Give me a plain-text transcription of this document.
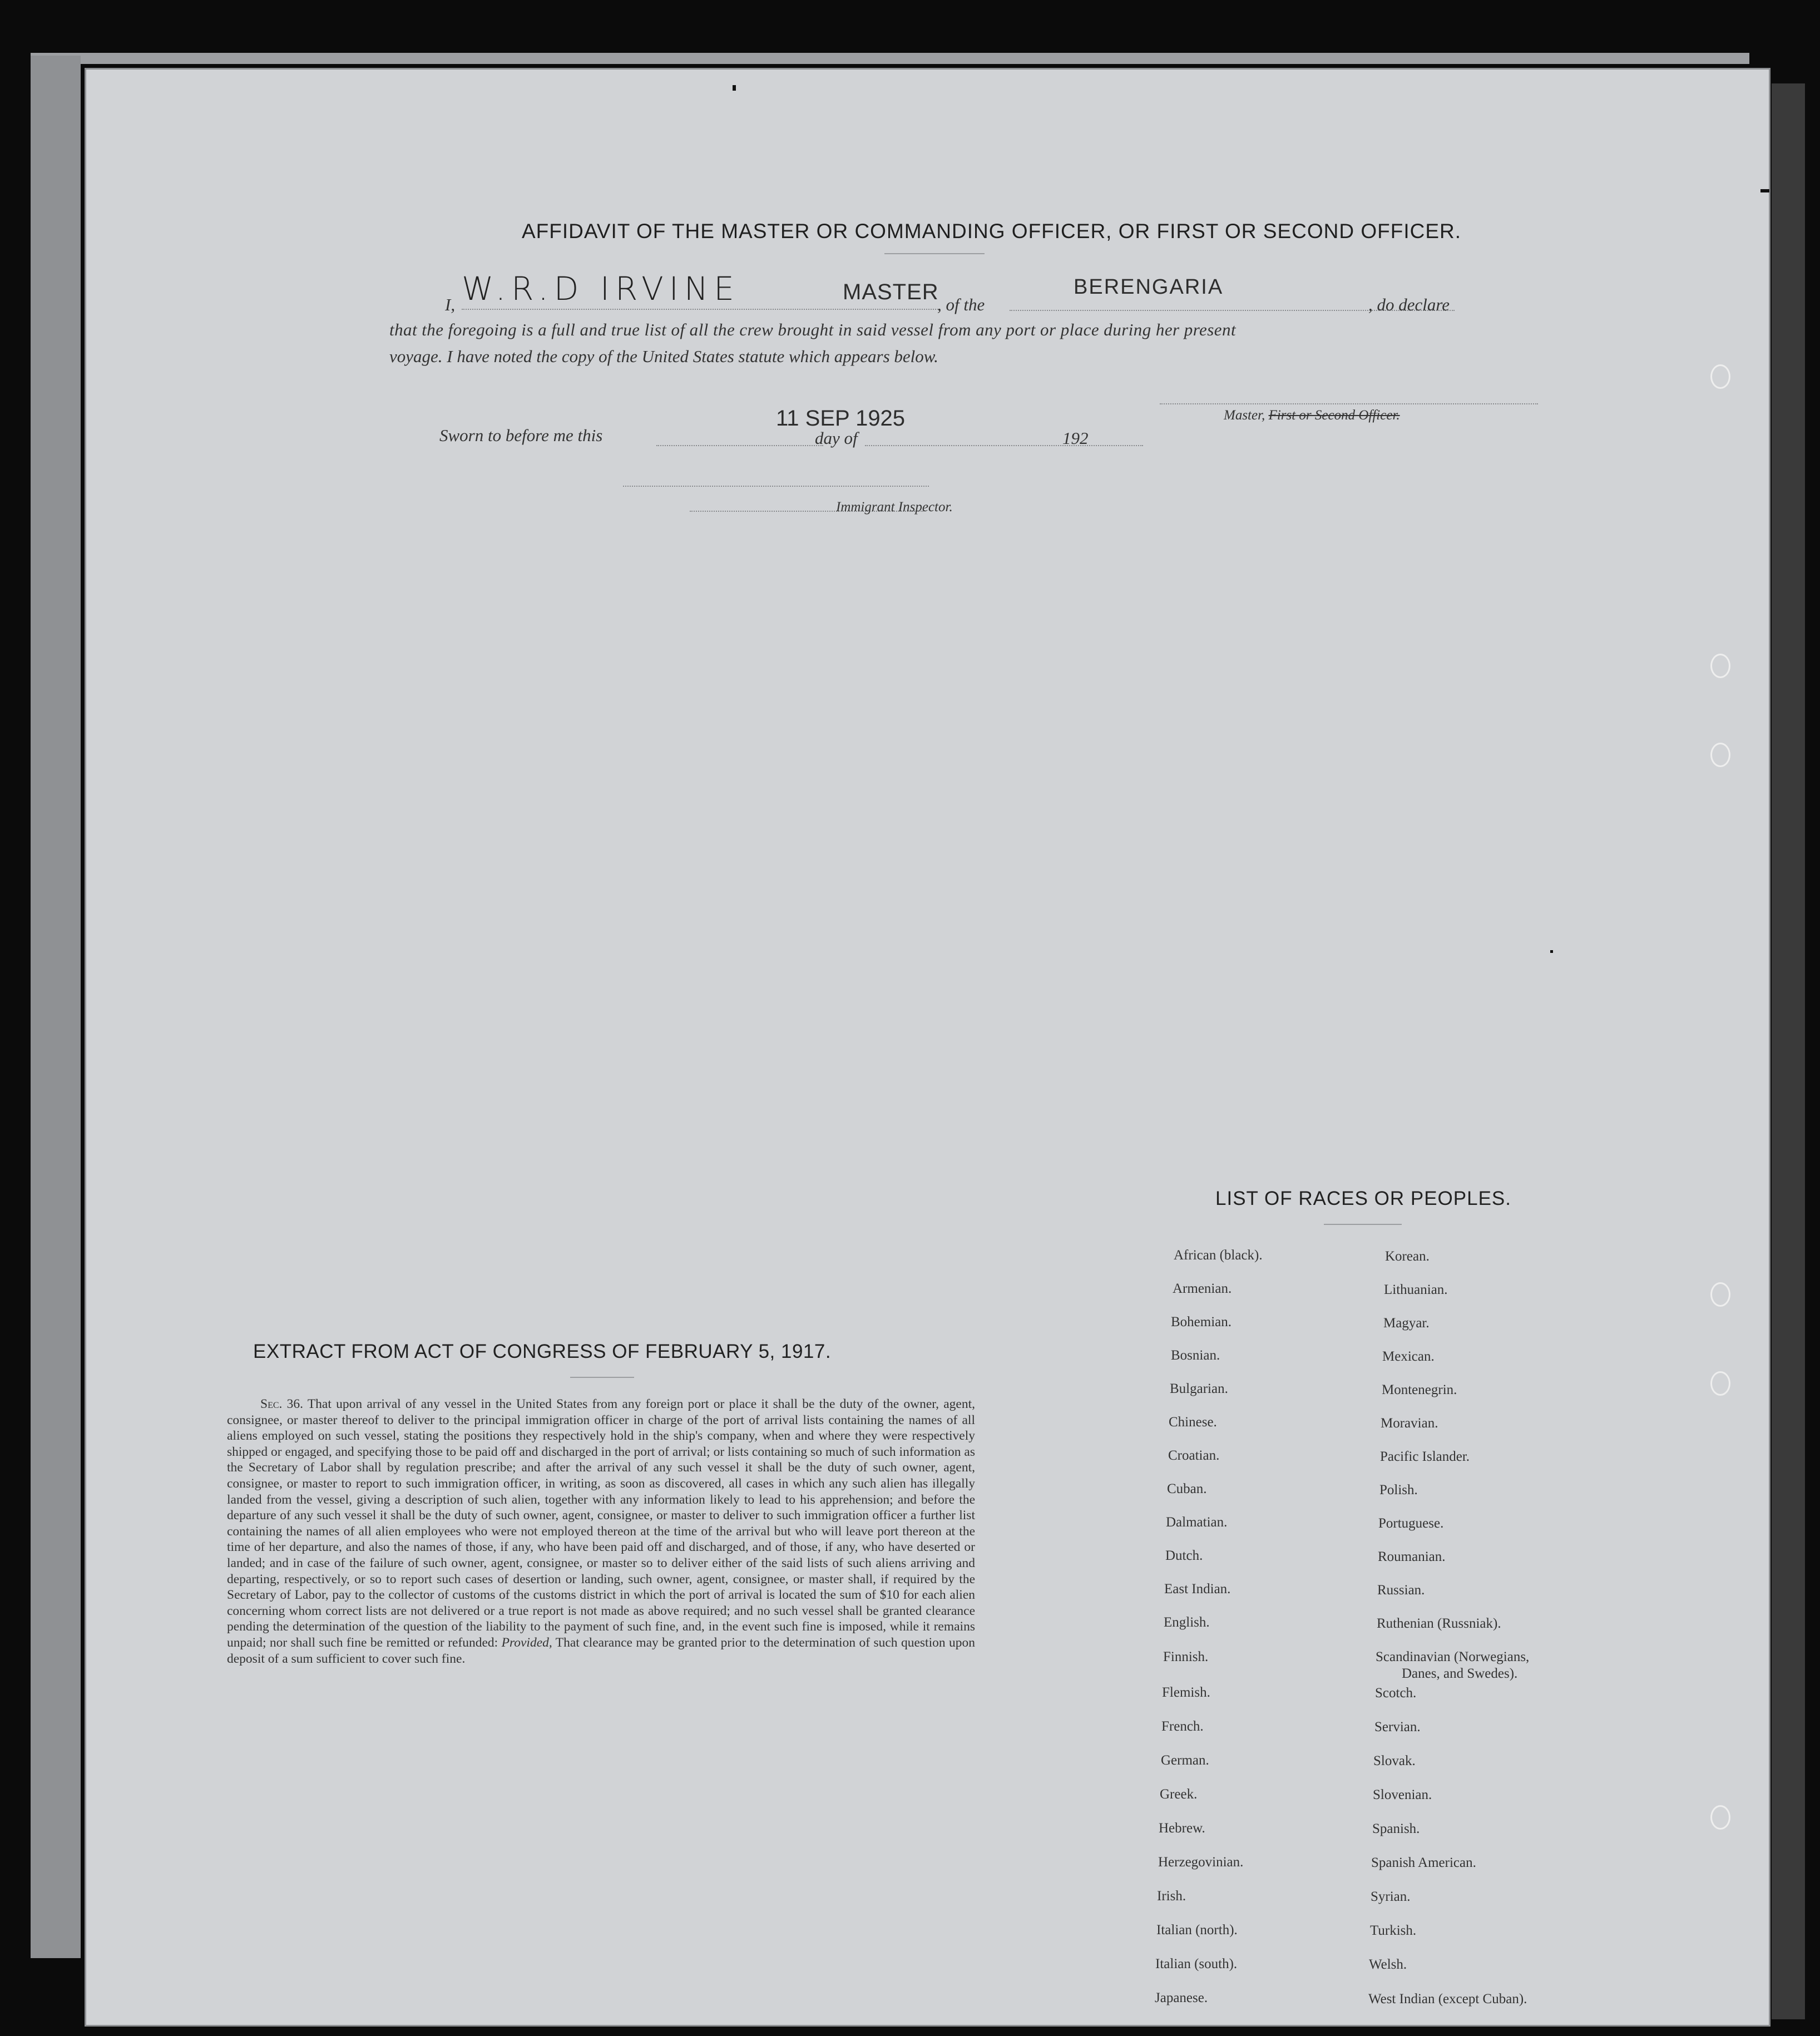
AFFIDAVIT OF THE MASTER OR COMMANDING OFFICER, OR FIRST OR SECOND OFFICER.
I, W.R.D IRVINE	MASTER
, of the
BERENGARIA
, do declare
that the foregoing is a full and true list of all the crew brought in said vessel from any port or place during her present
voyage. I have noted the copy of the United States statute which appears below.
Sworn to before me this
11 SEP 1925
day of	192
Master, First or Second Officer.
Immigrant Inspector.
LIST OF RACES OR PEOPLES.
African (black).
Armenian.
Bohemian.
Bosnian.
Bulgarian.
Chinese.
Croatian.
Cuban.
Dalmatian.
Dutch.
East Indian.
English.
Finnish.
Flemish.
French.
German.
Greek.
Hebrew.
Herzegovinian.
Irish.
Italian (north).
Italian (south).
Japanese.
Korean.
Lithuanian.
Magyar.
Mexican.
Montenegrin.
Moravian.
Pacific Islander.
Polish.
Portuguese.
Roumanian.
Russian.
Ruthenian (Russniak).
Scandinavian (Norwegians,
Danes, and Swedes).
Scotch.
Servian.
Slovak.
Slovenian.
Spanish.
Spanish American.
Syrian.
Turkish.
Welsh.
West Indian (except Cuban).
EXTRACT FROM ACT OF CONGRESS OF FEBRUARY 5, 1917.
Sec. 36. That upon arrival of any vessel in the United States from any foreign port or place it shall be the duty of the owner, agent, consignee, or master thereof to deliver to the principal immigration officer in charge of the port of arrival lists containing the names of all aliens employed on such vessel, stating the positions they respectively hold in the ship's company, when and where they were respectively shipped or engaged, and specifying those to be paid off and discharged in the port of arrival; or lists containing so much of such information as the Secretary of Labor shall by regulation prescribe; and after the arrival of any such vessel it shall be the duty of such owner, agent, consignee, or master to report to such immigration officer, in writing, as soon as discovered, all cases in which any such alien has illegally landed from the vessel, giving a description of such alien, together with any information likely to lead to his apprehension; and before the departure of any such vessel it shall be the duty of such owner, agent, consignee, or master to deliver to such immigration officer a further list containing the names of all alien employees who were not employed thereon at the time of the arrival but who will leave port thereon at the time of her departure, and also the names of those, if any, who have been paid off and discharged, and of those, if any, who have deserted or landed; and in case of the failure of such owner, agent, consignee, or master so to deliver either of the said lists of such aliens arriving and departing, respectively, or so to report such cases of desertion or landing, such owner, agent, consignee, or master shall, if required by the Secretary of Labor, pay to the collector of customs of the customs district in which the port of arrival is located the sum of $10 for each alien concerning whom correct lists are not delivered or a true report is not made as above required; and no such vessel shall be granted clearance pending the determination of the question of the liability to the payment of such fine, and, in the event such fine is imposed, while it remains unpaid; nor shall such fine be remitted or refunded: Provided, That clearance may be granted prior to the determination of such question upon deposit of a sum sufficient to cover such fine.
